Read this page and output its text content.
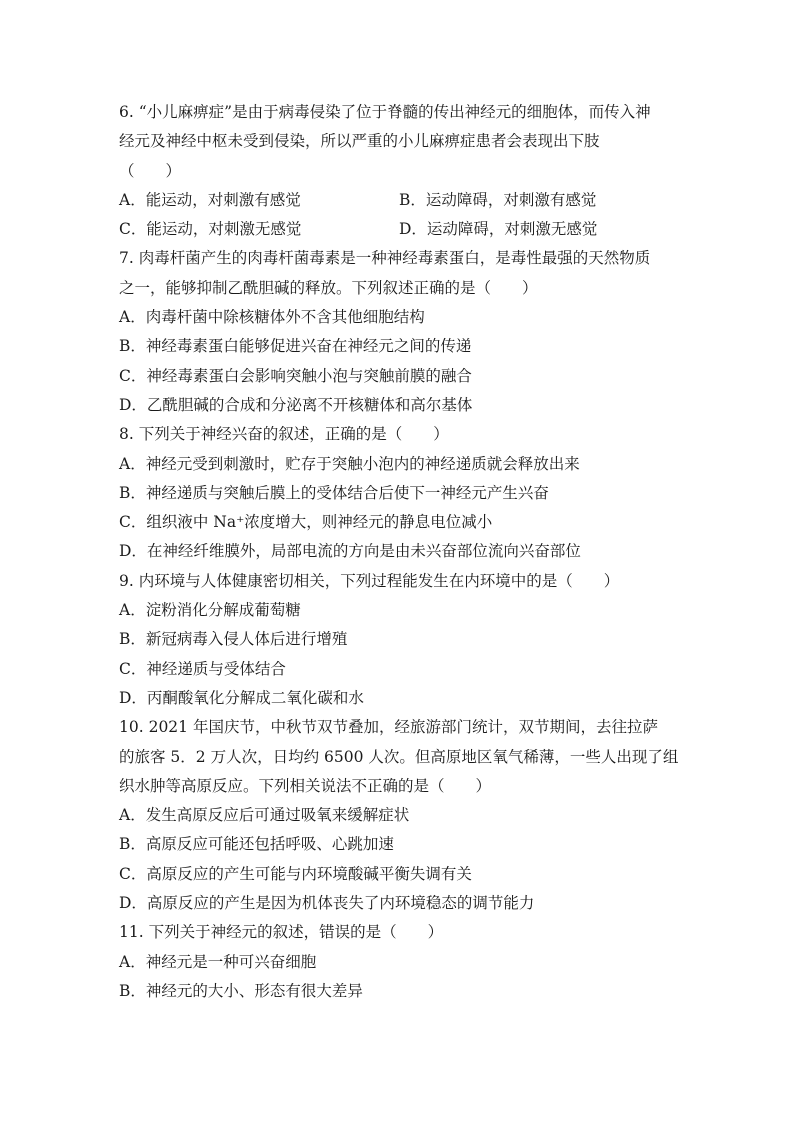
6. “小儿麻痹症”是由于病毒侵染了位于脊髓的传出神经元的细胞体，而传入神
经元及神经中枢未受到侵染，所以严重的小儿麻痹症患者会表现出下肢
（　　）
A．能运动，对刺激有感觉	B．运动障碍，对刺激有感觉
C．能运动，对刺激无感觉	D．运动障碍，对刺激无感觉
7. 肉毒杆菌产生的肉毒杆菌毒素是一种神经毒素蛋白，是毒性最强的天然物质
之一，能够抑制乙酰胆碱的释放。下列叙述正确的是（　　）
A．肉毒杆菌中除核糖体外不含其他细胞结构
B．神经毒素蛋白能够促进兴奋在神经元之间的传递
C．神经毒素蛋白会影响突触小泡与突触前膜的融合
D．乙酰胆碱的合成和分泌离不开核糖体和高尔基体
8. 下列关于神经兴奋的叙述，正确的是（　　）
A．神经元受到刺激时，贮存于突触小泡内的神经递质就会释放出来
B．神经递质与突触后膜上的受体结合后使下一神经元产生兴奋
C．组织液中 Na⁺浓度增大，则神经元的静息电位减小
D．在神经纤维膜外，局部电流的方向是由未兴奋部位流向兴奋部位
9. 内环境与人体健康密切相关，下列过程能发生在内环境中的是（　　）
A．淀粉消化分解成葡萄糖
B．新冠病毒入侵人体后进行增殖
C．神经递质与受体结合
D．丙酮酸氧化分解成二氧化碳和水
10. 2021 年国庆节，中秋节双节叠加，经旅游部门统计，双节期间，去往拉萨
的旅客 5．2 万人次，日均约 6500 人次。但高原地区氧气稀薄，一些人出现了组
织水肿等高原反应。下列相关说法不正确的是（　　）
A．发生高原反应后可通过吸氧来缓解症状
B．高原反应可能还包括呼吸、心跳加速
C．高原反应的产生可能与内环境酸碱平衡失调有关
D．高原反应的产生是因为机体丧失了内环境稳态的调节能力
11. 下列关于神经元的叙述，错误的是（　　）
A．神经元是一种可兴奋细胞
B．神经元的大小、形态有很大差异
